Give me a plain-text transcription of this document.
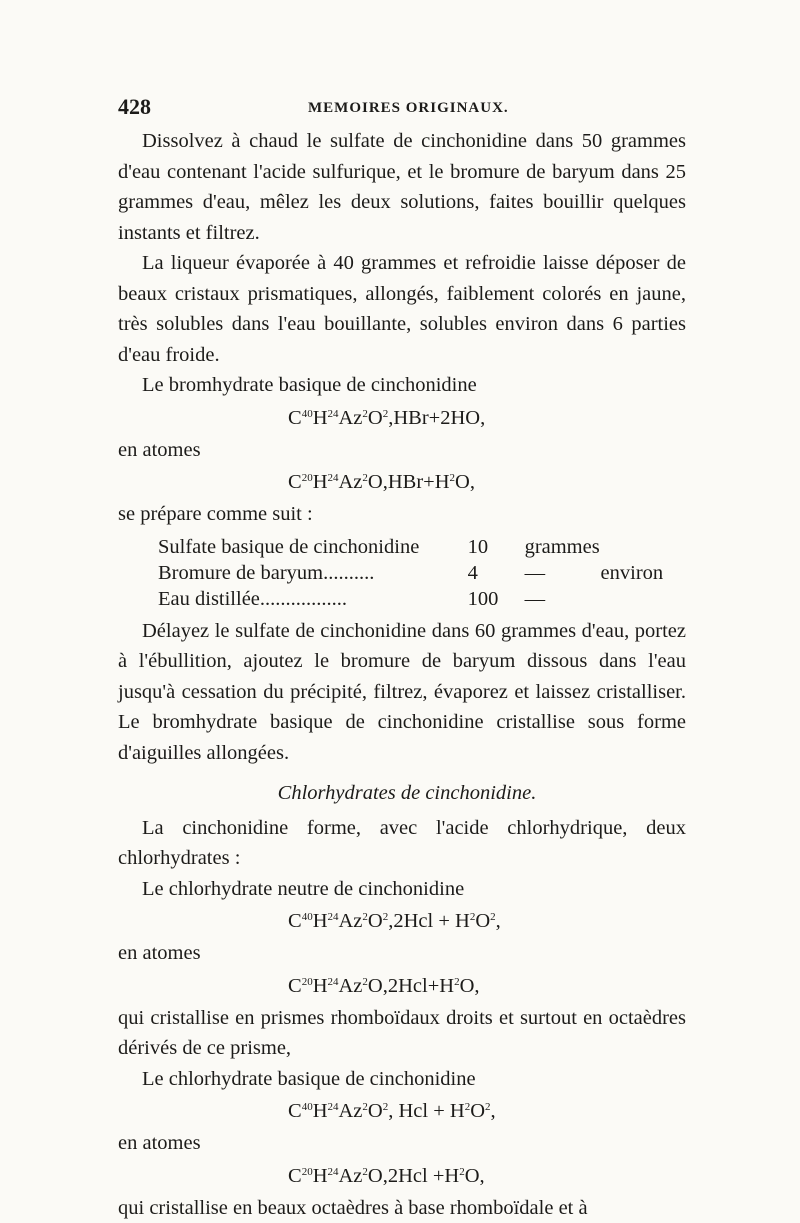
428	MEMOIRES ORIGINAUX.

Dissolvez à chaud le sulfate de cinchonidine dans 50 grammes d'eau contenant l'acide sulfurique, et le bromure de baryum dans 25 grammes d'eau, mêlez les deux solutions, faites bouillir quelques instants et filtrez.

La liqueur évaporée à 40 grammes et refroidie laisse déposer de beaux cristaux prismatiques, allongés, faiblement colorés en jaune, très solubles dans l'eau bouillante, solubles environ dans 6 parties d'eau froide.

Le bromhydrate basique de cinchonidine

$C^{40}H^{24}Az^2O^2,HBr+2HO$,

en atomes

$C^{20}H^{24}Az^2O,HBr+H^2O$,

se prépare comme suit :

Sulfate basique de cinchonidine	10	grammes
Bromure de baryum..........	4	—	environ
Eau distillée.................	100	—

Délayez le sulfate de cinchonidine dans 60 grammes d'eau, portez à l'ébullition, ajoutez le bromure de baryum dissous dans l'eau jusqu'à cessation du précipité, filtrez, évaporez et laissez cristalliser. Le bromhydrate basique de cinchonidine cristallise sous forme d'aiguilles allongées.

Chlorhydrates de cinchonidine.

La cinchonidine forme, avec l'acide chlorhydrique, deux chlorhydrates :

Le chlorhydrate neutre de cinchonidine

$C^{40}H^{24}Az^2O^2,2Hcl + H^2O^2$,

en atomes

$C^{20}H^{24}Az^2O,2Hcl+H^2O$,

qui cristallise en prismes rhomboïdaux droits et surtout en octaèdres dérivés de ce prisme,

Le chlorhydrate basique de cinchonidine

$C^{40}H^{24}Az^2O^2$, Hcl + $H^2O^2$,

en atomes

$C^{20}H^{24}Az^2O,2Hcl +H^2O$,

qui cristallise en beaux octaèdres à base rhomboïdale et à
